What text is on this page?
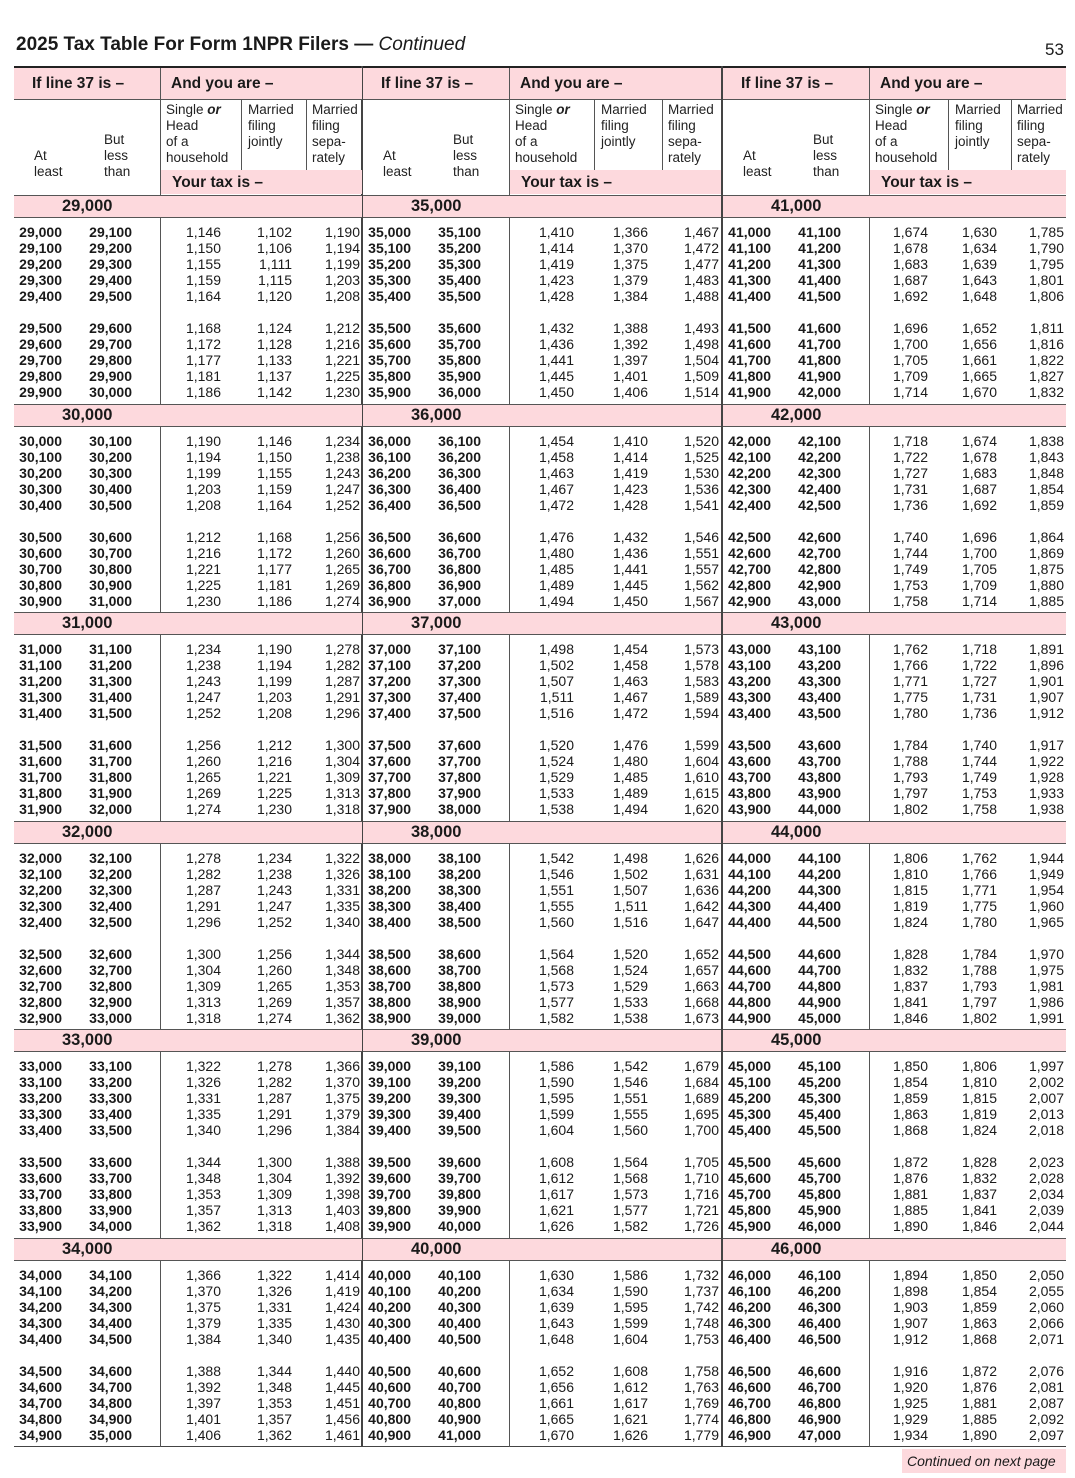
2025 Tax Table For Form 1NPR Filers — Continued	53
If line 37 is –	And you are –
At
least
But
less
than
Single or
Head
of a
household
Married
filing
jointly
Married
filing
sepa-
rately
Your tax is –
29,000
29,000 29,100	1,146	1,102 1,190
29,100 29,200	1,150	1,106 1,194
29,200 29,300	1,155	1,111 1,199
29,300 29,400	1,159	1,115 1,203
29,400 29,500	1,164	1,120 1,208
29,500 29,600	1,168	1,124 1,212
29,600 29,700	1,172	1,128 1,216
29,700 29,800	1,177	1,133 1,221
29,800 29,900	1,181	1,137 1,225
29,900 30,000	1,186	1,142 1,230
30,000
30,000 30,100	1,190	1,146 1,234
30,100 30,200	1,194	1,150 1,238
30,200 30,300	1,199	1,155 1,243
30,300 30,400	1,203	1,159 1,247
30,400 30,500	1,208	1,164 1,252
30,500 30,600	1,212	1,168 1,256
30,600 30,700	1,216	1,172 1,260
30,700 30,800	1,221	1,177 1,265
30,800 30,900	1,225	1,181 1,269
30,900 31,000	1,230	1,186 1,274
31,000
31,000 31,100	1,234	1,190 1,278
31,100 31,200	1,238	1,194 1,282
31,200 31,300	1,243	1,199 1,287
31,300 31,400	1,247	1,203 1,291
31,400 31,500	1,252	1,208 1,296
31,500 31,600	1,256	1,212 1,300
31,600 31,700	1,260	1,216 1,304
31,700 31,800	1,265	1,221 1,309
31,800 31,900	1,269	1,225 1,313
31,900 32,000	1,274	1,230 1,318
32,000
32,000 32,100	1,278	1,234 1,322
32,100 32,200	1,282	1,238 1,326
32,200 32,300	1,287	1,243 1,331
32,300 32,400	1,291	1,247 1,335
32,400 32,500	1,296	1,252 1,340
32,500 32,600	1,300	1,256 1,344
32,600 32,700	1,304	1,260 1,348
32,700 32,800	1,309	1,265 1,353
32,800 32,900	1,313	1,269 1,357
32,900 33,000	1,318	1,274 1,362
33,000
33,000 33,100	1,322	1,278 1,366
33,100 33,200	1,326	1,282 1,370
33,200 33,300	1,331	1,287 1,375
33,300 33,400	1,335	1,291 1,379
33,400 33,500	1,340	1,296 1,384
33,500 33,600	1,344	1,300 1,388
33,600 33,700	1,348	1,304 1,392
33,700 33,800	1,353	1,309 1,398
33,800 33,900	1,357	1,313 1,403
33,900 34,000	1,362	1,318 1,408
34,000
34,000 34,100	1,366	1,322 1,414
34,100 34,200	1,370	1,326 1,419
34,200 34,300	1,375	1,331 1,424
34,300 34,400	1,379	1,335 1,430
34,400 34,500	1,384	1,340 1,435
34,500 34,600	1,388	1,344 1,440
34,600 34,700	1,392	1,348 1,445
34,700 34,800	1,397	1,353 1,451
34,800 34,900	1,401	1,357 1,456
34,900 35,000	1,406	1,362 1,461
If line 37 is –	And you are –
At
least
But
less
than
Single or
Head
of a
household
Married
filing
jointly
Married
filing
sepa-
rately
Your tax is –
35,000
35,000 35,100	1,410	1,366	1,467
35,100 35,200	1,414	1,370	1,472
35,200 35,300	1,419	1,375	1,477
35,300 35,400	1,423	1,379	1,483
35,400 35,500	1,428	1,384	1,488
35,500 35,600	1,432	1,388	1,493
35,600 35,700	1,436	1,392	1,498
35,700 35,800	1,441	1,397	1,504
35,800 35,900	1,445	1,401	1,509
35,900 36,000	1,450	1,406	1,514
36,000
36,000 36,100	1,454	1,410	1,520
36,100 36,200	1,458	1,414	1,525
36,200 36,300	1,463	1,419	1,530
36,300 36,400	1,467	1,423	1,536
36,400 36,500	1,472	1,428	1,541
36,500 36,600	1,476	1,432	1,546
36,600 36,700	1,480	1,436	1,551
36,700 36,800	1,485	1,441	1,557
36,800 36,900	1,489	1,445	1,562
36,900 37,000	1,494	1,450	1,567
37,000
37,000 37,100	1,498	1,454	1,573
37,100 37,200	1,502	1,458	1,578
37,200 37,300	1,507	1,463	1,583
37,300 37,400	1,511	1,467	1,589
37,400 37,500	1,516	1,472	1,594
37,500 37,600	1,520	1,476	1,599
37,600 37,700	1,524	1,480	1,604
37,700 37,800	1,529	1,485	1,610
37,800 37,900	1,533	1,489	1,615
37,900 38,000	1,538	1,494	1,620
38,000
38,000 38,100	1,542	1,498	1,626
38,100 38,200	1,546	1,502	1,631
38,200 38,300	1,551	1,507	1,636
38,300 38,400	1,555	1,511	1,642
38,400 38,500	1,560	1,516	1,647
38,500 38,600	1,564	1,520	1,652
38,600 38,700	1,568	1,524	1,657
38,700 38,800	1,573	1,529	1,663
38,800 38,900	1,577	1,533	1,668
38,900 39,000	1,582	1,538	1,673
39,000
39,000 39,100	1,586	1,542	1,679
39,100 39,200	1,590	1,546	1,684
39,200 39,300	1,595	1,551	1,689
39,300 39,400	1,599	1,555	1,695
39,400 39,500	1,604	1,560	1,700
39,500 39,600	1,608	1,564	1,705
39,600 39,700	1,612	1,568	1,710
39,700 39,800	1,617	1,573	1,716
39,800 39,900	1,621	1,577	1,721
39,900 40,000	1,626	1,582	1,726
40,000
40,000 40,100	1,630	1,586	1,732
40,100 40,200	1,634	1,590	1,737
40,200 40,300	1,639	1,595	1,742
40,300 40,400	1,643	1,599	1,748
40,400 40,500	1,648	1,604	1,753
40,500 40,600	1,652	1,608	1,758
40,600 40,700	1,656	1,612	1,763
40,700 40,800	1,661	1,617	1,769
40,800 40,900	1,665	1,621	1,774
40,900 41,000	1,670	1,626	1,779
If line 37 is –	And you are –
At
least
But
less
than
Single or
Head
of a
household
Married
filing
jointly
Married
filing
sepa-
rately
Your tax is –
41,000
41,000 41,100	1,674 1,630 1,785
41,100 41,200	1,678 1,634 1,790
41,200 41,300	1,683 1,639 1,795
41,300 41,400	1,687 1,643 1,801
41,400 41,500	1,692 1,648 1,806
41,500 41,600	1,696 1,652 1,811
41,600 41,700	1,700 1,656 1,816
41,700 41,800	1,705 1,661 1,822
41,800 41,900	1,709 1,665 1,827
41,900 42,000	1,714 1,670 1,832
42,000
42,000 42,100	1,718 1,674 1,838
42,100 42,200	1,722 1,678 1,843
42,200 42,300	1,727 1,683 1,848
42,300 42,400	1,731 1,687 1,854
42,400 42,500	1,736 1,692 1,859
42,500 42,600	1,740 1,696 1,864
42,600 42,700	1,744 1,700 1,869
42,700 42,800	1,749 1,705 1,875
42,800 42,900	1,753 1,709 1,880
42,900 43,000	1,758 1,714 1,885
43,000
43,000 43,100	1,762 1,718 1,891
43,100 43,200	1,766 1,722 1,896
43,200 43,300	1,771 1,727 1,901
43,300 43,400	1,775 1,731 1,907
43,400 43,500	1,780 1,736 1,912
43,500 43,600	1,784 1,740 1,917
43,600 43,700	1,788 1,744 1,922
43,700 43,800	1,793 1,749 1,928
43,800 43,900	1,797 1,753 1,933
43,900 44,000	1,802 1,758 1,938
44,000
44,000 44,100	1,806 1,762 1,944
44,100 44,200	1,810 1,766 1,949
44,200 44,300	1,815 1,771 1,954
44,300 44,400	1,819 1,775 1,960
44,400 44,500	1,824 1,780 1,965
44,500 44,600	1,828 1,784 1,970
44,600 44,700	1,832 1,788 1,975
44,700 44,800	1,837 1,793 1,981
44,800 44,900	1,841 1,797 1,986
44,900 45,000	1,846 1,802 1,991
45,000
45,000 45,100	1,850 1,806 1,997
45,100 45,200	1,854 1,810 2,002
45,200 45,300	1,859 1,815 2,007
45,300 45,400	1,863 1,819 2,013
45,400 45,500	1,868 1,824 2,018
45,500 45,600	1,872 1,828 2,023
45,600 45,700	1,876 1,832 2,028
45,700 45,800	1,881 1,837 2,034
45,800 45,900	1,885 1,841 2,039
45,900 46,000	1,890 1,846 2,044
46,000
46,000 46,100	1,894 1,850 2,050
46,100 46,200	1,898 1,854 2,055
46,200 46,300	1,903 1,859 2,060
46,300 46,400	1,907 1,863 2,066
46,400 46,500	1,912 1,868 2,071
46,500 46,600	1,916 1,872 2,076
46,600 46,700	1,920 1,876 2,081
46,700 46,800	1,925 1,881 2,087
46,800 46,900	1,929 1,885 2,092
46,900 47,000	1,934 1,890 2,097
Continued on next page
